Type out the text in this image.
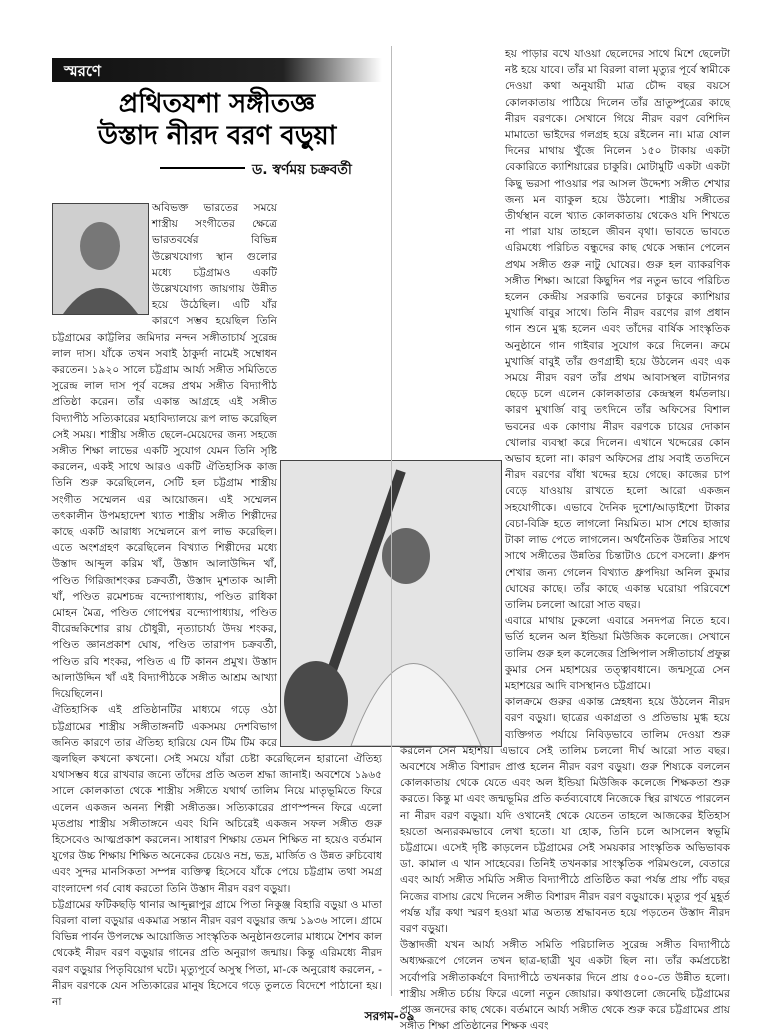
স্মরণে
প্রথিতযশা সঙ্গীতজ্ঞ
উস্তাদ নীরদ বরণ বড়ুয়া
ড. স্বর্ণময় চক্রবর্তী

অবিভক্ত ভারতের সময়ে শাস্ত্রীয় সংগীতের ক্ষেত্রে ভারতবর্ষের বিভিন্ন উল্লেখযোগ্য স্থান গুলোর মধ্যে চট্টগ্রামও একটি উল্লেখযোগ্য জায়গায় উন্নীত হয়ে উঠেছিল। এটি যাঁর কারণে সম্ভব হয়েছিল তিনি চট্টগ্রামের কাট্টলির জমিদার নন্দন সঙ্গীতাচার্য সুরেন্দ্র লাল দাস। যাঁকে তখন সবাই ঠাকুর্দা নামেই সম্বোধন করতেন। ১৯২০ সালে চট্টগ্রাম আর্য্য সঙ্গীত সমিতিতে সুরেন্দ্র লাল দাস পূর্ব বঙ্গের প্রথম সঙ্গীত বিদ্যাপীঠ প্রতিষ্ঠা করেন। তাঁর একান্ত আগ্রহে এই সঙ্গীত বিদ্যাপীঠ সত্যিকারের মহাবিদ্যালয়ে রূপ লাভ করেছিল সেই সময়। শাস্ত্রীয় সঙ্গীত ছেলে-মেয়েদের জন্য সহজে সঙ্গীত শিক্ষা লাভের একটি সুযোগ যেমন তিনি সৃষ্টি করলেন, একই সাথে আরও একটি ঐতিহাসিক কাজ তিনি শুরু করেছিলেন, সেটি হল চট্টগ্রাম শাস্ত্রীয় সংগীত সম্মেলন এর আয়োজন। এই সম্মেলন তৎকালীন উপমহাদেশ খ্যাত শাস্ত্রীয় সঙ্গীত শিল্পীদের কাছে একটি আরাধ্য সম্মেলনে রূপ লাভ করেছিল। এতে অংশগ্রহণ করেছিলেন বিখ্যাত শিল্পীদের মধ্যে উস্তাদ আব্দুল করিম খাঁ, উস্তাদ আলাউদ্দিন খাঁ, পণ্ডিত গিরিজাশংকর চক্রবর্তী, উস্তাদ মুশতাক আলী খাঁ, পণ্ডিত রমেশচন্দ্র বন্দ্যোপাধ্যায়, পণ্ডিত রাধিকা মোহন মৈত্র, পণ্ডিত গোপেশ্বর বন্দ্যোপাধ্যায়, পণ্ডিত বীরেন্দ্রকিশোর রায় চৌধুরী, নৃত্যাচার্য্য উদয় শংকর, পণ্ডিত জ্ঞানপ্রকাশ ঘোষ, পণ্ডিত তারাপদ চক্রবর্তী, পণ্ডিত রবি শংকর, পণ্ডিত এ টি কানন প্রমুখ। উস্তাদ আলাউদ্দিন খাঁ এই বিদ্যাপীঠকে সঙ্গীত আশ্রম আখ্যা দিয়েছিলেন।

ঐতিহাসিক এই প্রতিষ্ঠানটির মাধ্যমে গড়ে ওঠা চট্টগ্রামের শাস্ত্রীয় সঙ্গীতাঙ্গনটি একসময় দেশবিভাগ জনিত কারণে তার ঐতিহ্য হারিয়ে যেন টিম টিম করে জ্বলছিল কখনো কখনো। সেই সময়ে যাঁরা চেষ্টা করেছিলেন হারানো ঐতিহ্য যথাসম্ভব ধরে রাখবার জন্যে তাঁদের প্রতি অতল শ্রদ্ধা জানাই। অবশেষে ১৯৬৫ সালে কোলকাতা থেকে শাস্ত্রীয় সঙ্গীতে যথার্থ তালিম নিয়ে মাতৃভূমিতে ফিরে এলেন একজন অনন্য শিল্পী সঙ্গীতজ্ঞ। সত্যিকারের প্রাণস্পন্দন ফিরে এলো মৃতপ্রায় শাস্ত্রীয় সঙ্গীতাঙ্গনে এবং যিনি অচিরেই একজন সফল সঙ্গীত গুরু হিসেবেও আত্মপ্রকাশ করলেন। সাধারণ শিক্ষায় তেমন শিক্ষিত না হয়েও বর্তমান যুগের উচ্চ শিক্ষায় শিক্ষিত অনেকের চেয়েও নম্র, ভদ্র, মার্জিত ও উন্নত রুচিবোধ এবং সুন্দর মানসিকতা সম্পন্ন ব্যক্তিত্ব হিসেবে যাঁকে পেয়ে চট্টগ্রাম তথা সমগ্র বাংলাদেশ গর্ব বোধ করতো তিনি উস্তাদ নীরদ বরণ বড়ুয়া।

চট্টগ্রামের ফটিকছড়ি থানার আব্দুল্লাপুর গ্রামে পিতা নিকুঞ্জ বিহারি বড়ুয়া ও মাতা বিরলা বালা বড়ুয়ার একমাত্র সন্তান নীরদ বরণ বড়ুয়ার জন্ম ১৯৩৬ সালে। গ্রামে বিভিন্ন পার্বন উপলক্ষে আয়োজিত সাংস্কৃতিক অনুষ্ঠানগুলোর মাধ্যমে শৈশব কাল থেকেই নীরদ বরণ বড়ুয়ার গানের প্রতি অনুরাগ জন্মায়। কিন্তু এরিমধ্যে নীরদ বরণ বড়ুয়ার পিতৃবিয়োগ ঘটে। মৃত্যুপূর্বে অসুস্থ পিতা, মা-কে অনুরোধ করলেন, - নীরদ বরণকে যেন সত্যিকারের মানুষ হিসেবে গড়ে তুলতে বিদেশে পাঠানো হয়। না

হয় পাড়ার বখে যাওয়া ছেলেদের সাথে মিশে ছেলেটা নষ্ট হয়ে যাবে। তাঁর মা বিরলা বালা মৃত্যুর পূর্বে স্বামীকে দেওয়া কথা অনুযায়ী মাত্র চৌদ্দ বছর বয়সে কোলকাতায় পাঠিয়ে দিলেন তাঁর ভ্রাতুষ্পুত্রের কাছে নীরদ বরণকে। সেখানে গিয়ে নীরদ বরণ বেশিদিন মামাতো ভাইদের গলগ্রহ হয়ে রইলেন না। মাত্র ষোল দিনের মাথায় খুঁজে নিলেন ১৫০ টাকায় একটা বেকারিতে ক্যাশিয়ারের চাকুরি। মোটামুটি একটা একটা কিছু ভরসা পাওয়ার পর আসল উদ্দেশ্য সঙ্গীত শেখার জন্য মন ব্যাকুল হয়ে উঠলো। শাস্ত্রীয় সঙ্গীতের তীর্থস্থান বলে খ্যাত কোলকাতায় থেকেও যদি শিখতে না পারা যায় তাহলে জীবন বৃথা। ভাবতে ভাবতে এরিমধ্যে পরিচিত বন্ধুদের কাছ থেকে সন্ধান পেলেন প্রথম সঙ্গীত গুরু নাটু ঘোষের। গুরু হল ব্যাকরণিক সঙ্গীত শিক্ষা। আরো কিছুদিন পর নতুন ভাবে পরিচিত হলেন কেন্দ্রীয় সরকারি ভবনের চাকুরে ক্যাশিয়ার মুখার্জি বাবুর সাথে। তিনি নীরদ বরণের রাগ প্রধান গান শুনে মুগ্ধ হলেন এবং তাঁদের বার্ষিক সাংস্কৃতিক অনুষ্ঠানে গান গাইবার সুযোগ করে দিলেন। ক্রমে মুখার্জি বাবুই তাঁর গুণগ্রাহী হয়ে উঠলেন এবং এক সময়ে নীরদ বরণ তাঁর প্রথম আবাসস্থল বাটানগর ছেড়ে চলে এলেন কোলকাতার কেন্দ্রস্থল ধর্মতলায়। কারণ মুখার্জি বাবু তৎদিনে তাঁর অফিসের বিশাল ভবনের এক কোণায় নীরদ বরণকে চায়ের দোকান খোলার ব্যবস্থা করে দিলেন। এখানে খদ্দেরের কোন অভাব হলো না। কারণ অফিসের প্রায় সবাই ততদিনে নীরদ বরণের বাঁধা খদ্দের হয়ে গেছে। কাজের চাপ বেড়ে যাওয়ায় রাখতে হলো আরো একজন সহযোগীকে। এভাবে দৈনিক দুশো/আড়াইশো টাকার বেচা-বিক্রি হতে লাগলো নিয়মিত। মাস শেষে হাজার টাকা লাভ পেতে লাগলেন। অর্থনৈতিক উন্নতির সাথে সাথে সঙ্গীতের উন্নতির চিন্তাটাও চেপে বসলো। ধ্রুপদ শেখার জন্য গেলেন বিখ্যাত ধ্রুপদিয়া অনিল কুমার ঘোষের কাছে। তাঁর কাছে একান্ত ঘরোয়া পরিবেশে তালিম চললো আরো সাত বছর।

এবারে মাথায় ঢুকলো এবারে সনদপত্র নিতে হবে। ভর্তি হলেন অল ইন্ডিয়া মিউজিক কলেজে। সেখানে তালিম গুরু হল কলেজের প্রিন্সিপাল সঙ্গীতাচার্য প্রফুল্ল কুমার সেন মহাশয়ের তত্ত্বাবধানে। জন্মসূত্রে সেন মহাশয়ের আদি বাসস্থানও চট্টগ্রামে।

কালক্রমে গুরুর একান্ত স্নেহধন্য হয়ে উঠলেন নীরদ বরণ বড়ুয়া। ছাত্রের একাগ্রতা ও প্রতিভায় মুগ্ধ হয়ে ব্যক্তিগত পর্যায়ে নিবিড়ভাবে তালিম দেওয়া শুরু করলেন সেন মহাশয়। এভাবে সেই তালিম চললো দীর্ঘ আরো সাত বছর। অবশেষে সঙ্গীত বিশারদ প্রাপ্ত হলেন নীরদ বরণ বড়ুয়া। গুরু শিষ্যকে বললেন কোলকাতায় থেকে যেতে এবং অল ইন্ডিয়া মিউজিক কলেজে শিক্ষকতা শুরু করতে। কিন্তু মা এবং জন্মভূমির প্রতি কর্তব্যবোধে নিজেকে স্থির রাখতে পারলেন না নীরদ বরণ বড়ুয়া। যদি ওখানেই থেকে যেতেন তাহলে আজকের ইতিহাস হয়তো অন্যরকমভাবে লেখা হতো। যা হোক, তিনি চলে আসলেন স্বভূমি চট্টগ্রামে। এসেই দৃষ্টি কাড়লেন চট্টগ্রামের সেই সময়কার সাংস্কৃতিক অভিভাবক ডা. কামাল এ খান সাহেবের। তিনিই তখনকার সাংস্কৃতিক পরিমণ্ডলে, বেতারে এবং আর্য্য সঙ্গীত সমিতি সঙ্গীত বিদ্যাপীঠে প্রতিষ্ঠিত করা পর্যন্ত প্রায় পাঁচ বছর নিজের বাসায় রেখে দিলেন সঙ্গীত বিশারদ নীরদ বরণ বড়ুয়াকে। মৃত্যুর পূর্ব মুহূর্ত পর্যন্ত যাঁর কথা স্মরণ হওয়া মাত্র অত্যন্ত শ্রদ্ধাবনত হয়ে পড়তেন উস্তাদ নীরদ বরণ বড়ুয়া।

উস্তাদজী যখন আর্য্য সঙ্গীত সমিতি পরিচালিত সুরেন্দ্র সঙ্গীত বিদ্যাপীঠে অধ্যক্ষরূপে গেলেন তখন ছাত্র-ছাত্রী খুব একটা ছিল না। তাঁর কর্মপ্রচেষ্টা সর্বোপরি সঙ্গীতাকর্ষণে বিদ্যাপীঠে তখনকার দিনে প্রায় ৫০০-তে উন্নীত হলো। শাস্ত্রীয় সঙ্গীত চর্চায় ফিরে এলো নতুন জোয়ার। কথাগুলো জেনেছি চট্টগ্রামের প্রাজ্ঞ জনদের কাছ থেকে। বর্তমানে আর্য্য সঙ্গীত থেকে শুরু করে চট্টগ্রামের প্রায় সঙ্গীত শিক্ষা প্রতিষ্ঠানের শিক্ষক এবং

সরগম-০৯
